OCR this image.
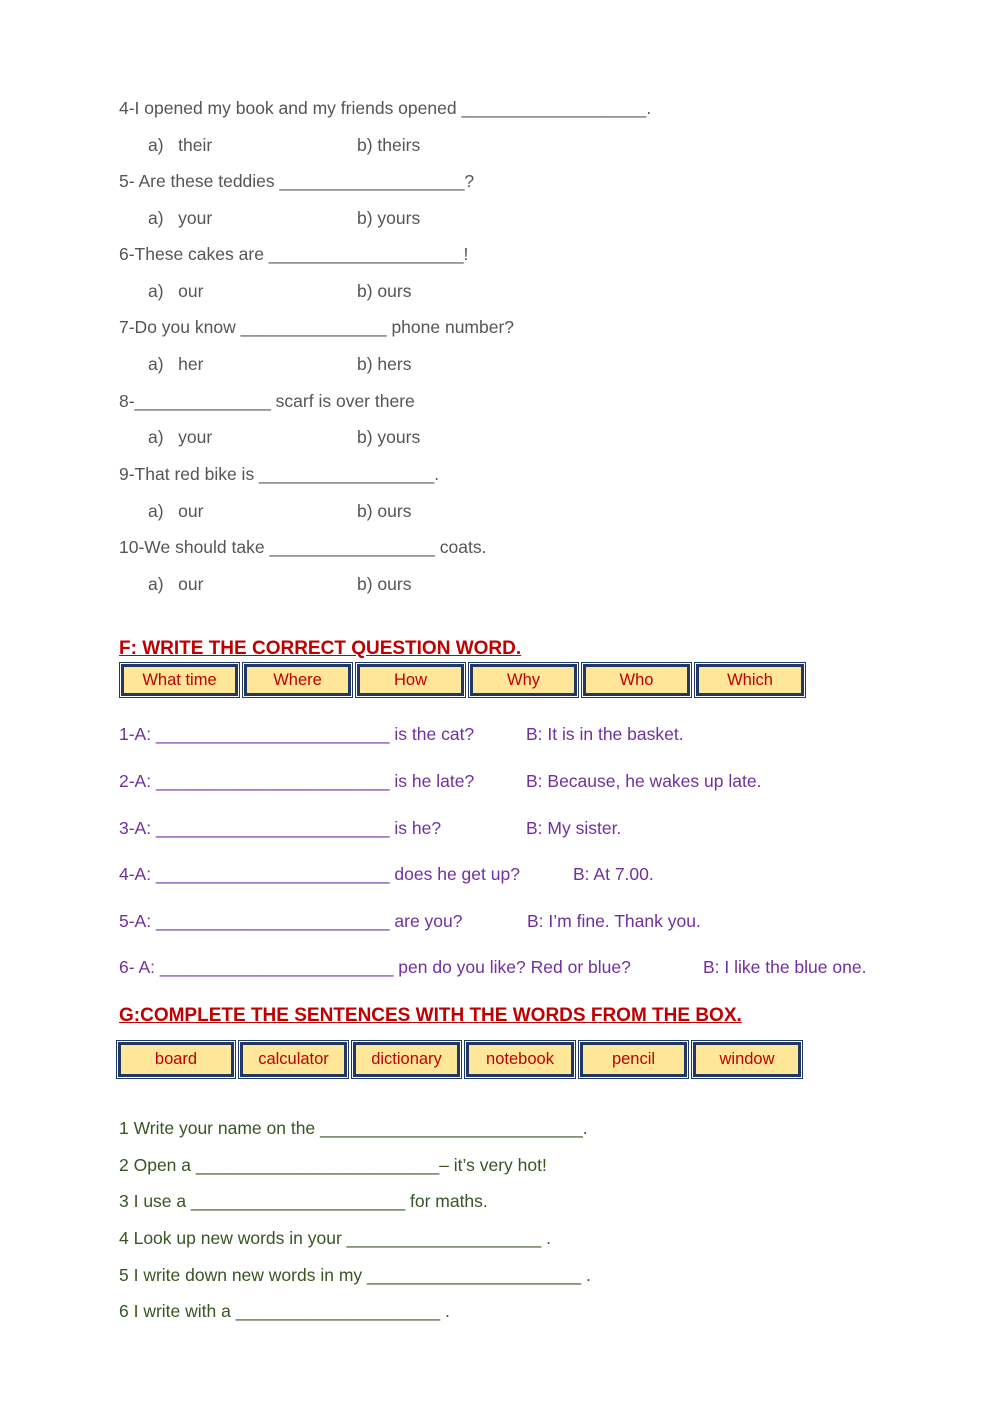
4-I opened my book and my friends opened ___________________.
a)   their	b) theirs
5- Are these teddies ___________________?
a)   your	b) yours
6-These cakes are ____________________!
a)   our	b) ours
7-Do you know _______________ phone number?
a)   her	b) hers
8-______________ scarf is over there
a)   your	b) yours
9-That red bike is __________________.
a)   our	b) ours
10-We should take _________________ coats.
a)   our	b) ours
F: WRITE THE CORRECT QUESTION WORD.
What time	Where	How	Why	Who	Which
1-A: ________________________ is the cat?	B: It is in the basket.
2-A: ________________________ is he late?	B: Because, he wakes up late.
3-A: ________________________ is he?	B: My sister.
4-A: ________________________ does he get up?	B: At 7.00.
5-A: ________________________ are you?	B: I’m fine. Thank you.
6- A: ________________________ pen do you like? Red or blue?	B: I like the blue one.
G:COMPLETE THE SENTENCES WITH THE WORDS FROM THE BOX.
board	calculator	dictionary	notebook	pencil	window
1 Write your name on the ___________________________.
2 Open a _________________________– it’s very hot!
3 I use a ______________________ for maths.
4 Look up new words in your ____________________ .
5 I write down new words in my ______________________ .
6 I write with a _____________________ .
